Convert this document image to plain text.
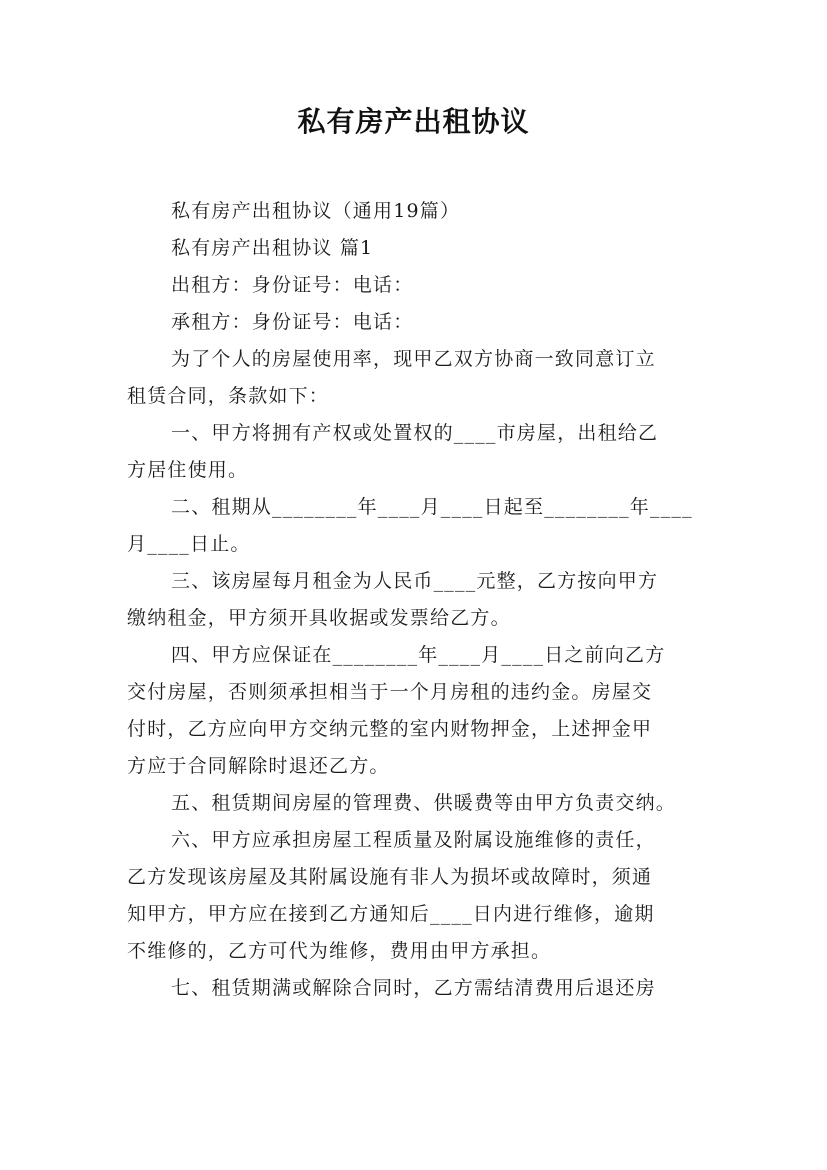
私有房产出租协议
私有房产出租协议（通用19篇）
私有房产出租协议 篇1
出租方：身份证号：电话：
承租方：身份证号：电话：
为了个人的房屋使用率，现甲乙双方协商一致同意订立
租赁合同，条款如下：
一、甲方将拥有产权或处置权的____市房屋，出租给乙
方居住使用。
二、租期从________年____月____日起至________年____
月____日止。
三、该房屋每月租金为人民币____元整，乙方按向甲方
缴纳租金，甲方须开具收据或发票给乙方。
四、甲方应保证在________年____月____日之前向乙方
交付房屋，否则须承担相当于一个月房租的违约金。房屋交
付时，乙方应向甲方交纳元整的室内财物押金，上述押金甲
方应于合同解除时退还乙方。
五、租赁期间房屋的管理费、供暖费等由甲方负责交纳。
六、甲方应承担房屋工程质量及附属设施维修的责任，
乙方发现该房屋及其附属设施有非人为损坏或故障时，须通
知甲方，甲方应在接到乙方通知后____日内进行维修，逾期
不维修的，乙方可代为维修，费用由甲方承担。
七、租赁期满或解除合同时，乙方需结清费用后退还房
